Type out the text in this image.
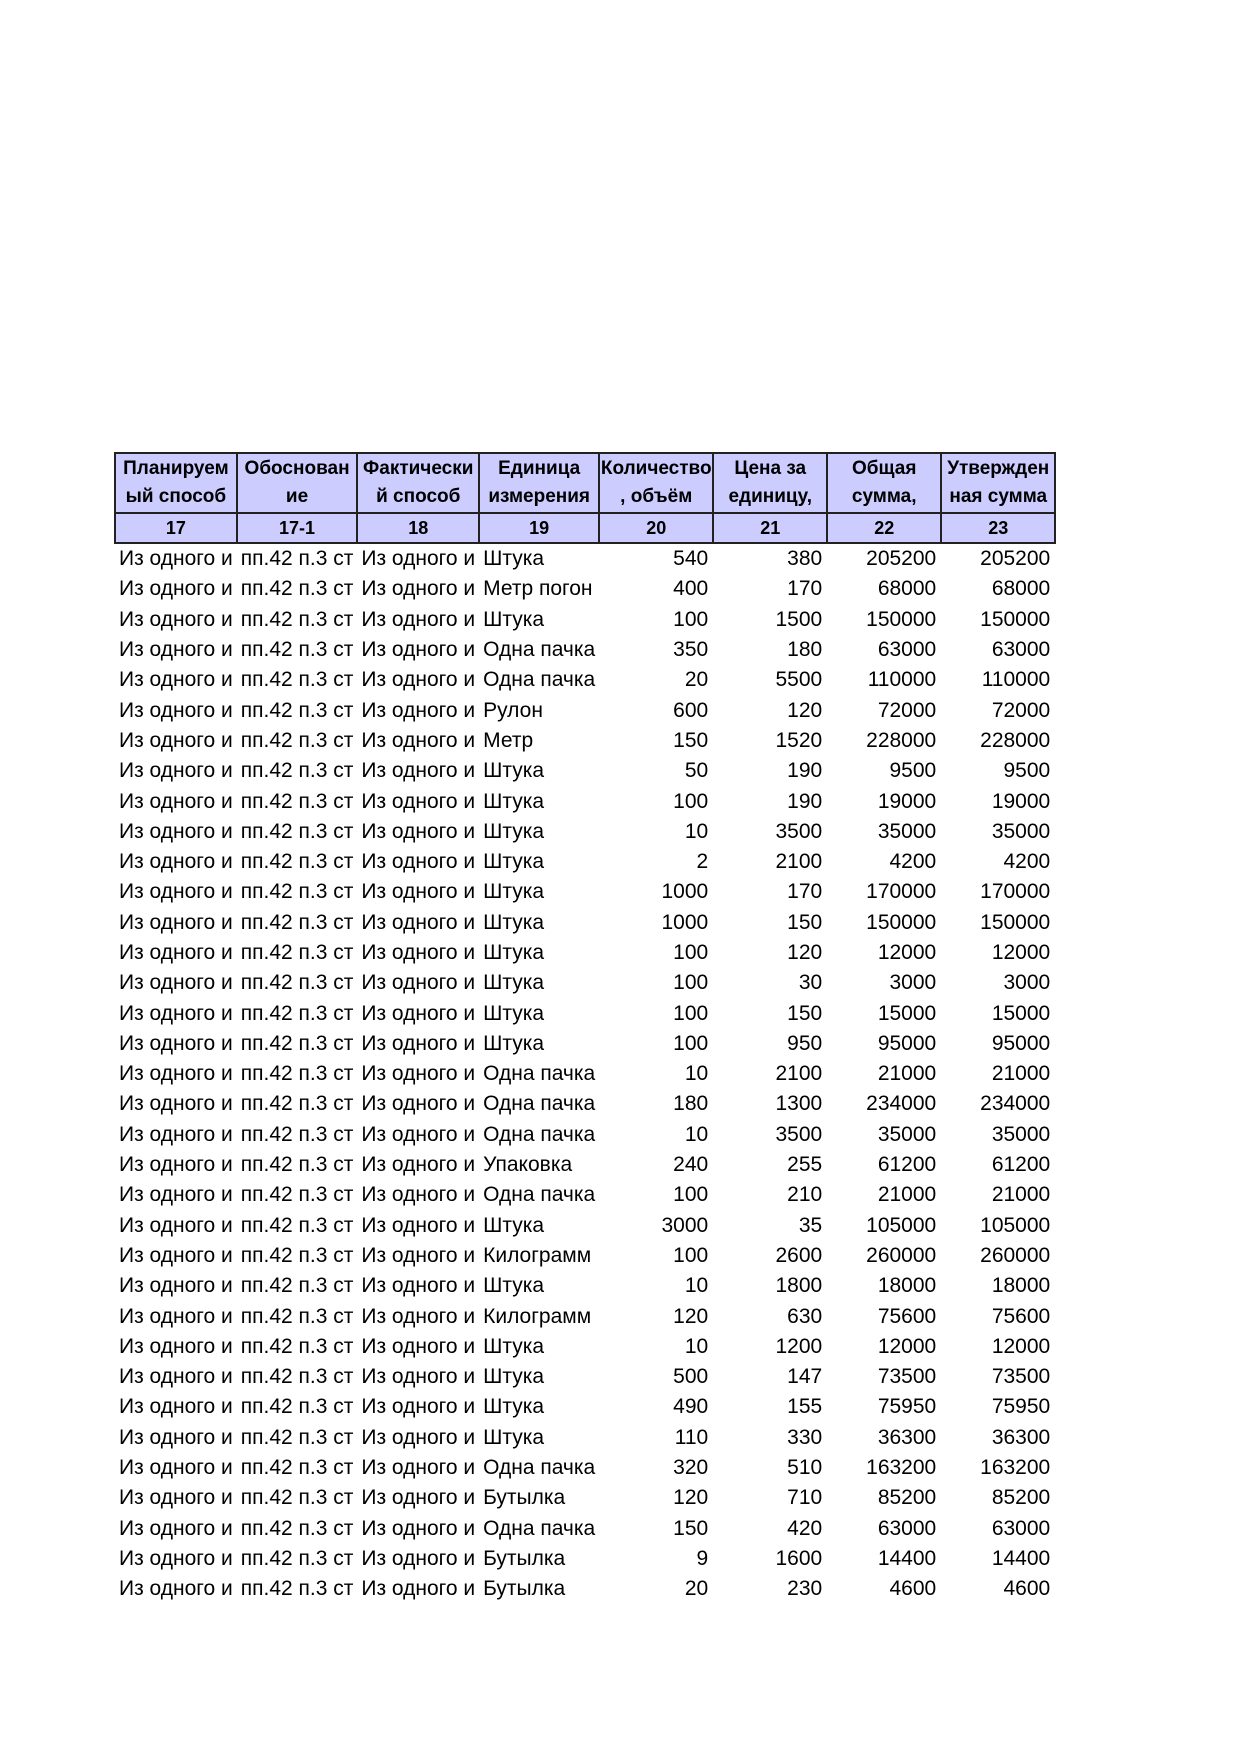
Планируем ый способ	Обоснован ие	Фактически й способ	Единица измерения	Количество , объём	Цена за единицу,	Общая сумма,	Утвержден ная сумма
17	17-1	18	19	20	21	22	23
Из одного и	пп.42 п.3 ст	Из одного и	Штука	540	380	205200	205200
Из одного и	пп.42 п.3 ст	Из одного и	Метр погон	400	170	68000	68000
Из одного и	пп.42 п.3 ст	Из одного и	Штука	100	1500	150000	150000
Из одного и	пп.42 п.3 ст	Из одного и	Одна пачка	350	180	63000	63000
Из одного и	пп.42 п.3 ст	Из одного и	Одна пачка	20	5500	110000	110000
Из одного и	пп.42 п.3 ст	Из одного и	Рулон	600	120	72000	72000
Из одного и	пп.42 п.3 ст	Из одного и	Метр	150	1520	228000	228000
Из одного и	пп.42 п.3 ст	Из одного и	Штука	50	190	9500	9500
Из одного и	пп.42 п.3 ст	Из одного и	Штука	100	190	19000	19000
Из одного и	пп.42 п.3 ст	Из одного и	Штука	10	3500	35000	35000
Из одного и	пп.42 п.3 ст	Из одного и	Штука	2	2100	4200	4200
Из одного и	пп.42 п.3 ст	Из одного и	Штука	1000	170	170000	170000
Из одного и	пп.42 п.3 ст	Из одного и	Штука	1000	150	150000	150000
Из одного и	пп.42 п.3 ст	Из одного и	Штука	100	120	12000	12000
Из одного и	пп.42 п.3 ст	Из одного и	Штука	100	30	3000	3000
Из одного и	пп.42 п.3 ст	Из одного и	Штука	100	150	15000	15000
Из одного и	пп.42 п.3 ст	Из одного и	Штука	100	950	95000	95000
Из одного и	пп.42 п.3 ст	Из одного и	Одна пачка	10	2100	21000	21000
Из одного и	пп.42 п.3 ст	Из одного и	Одна пачка	180	1300	234000	234000
Из одного и	пп.42 п.3 ст	Из одного и	Одна пачка	10	3500	35000	35000
Из одного и	пп.42 п.3 ст	Из одного и	Упаковка	240	255	61200	61200
Из одного и	пп.42 п.3 ст	Из одного и	Одна пачка	100	210	21000	21000
Из одного и	пп.42 п.3 ст	Из одного и	Штука	3000	35	105000	105000
Из одного и	пп.42 п.3 ст	Из одного и	Килограмм	100	2600	260000	260000
Из одного и	пп.42 п.3 ст	Из одного и	Штука	10	1800	18000	18000
Из одного и	пп.42 п.3 ст	Из одного и	Килограмм	120	630	75600	75600
Из одного и	пп.42 п.3 ст	Из одного и	Штука	10	1200	12000	12000
Из одного и	пп.42 п.3 ст	Из одного и	Штука	500	147	73500	73500
Из одного и	пп.42 п.3 ст	Из одного и	Штука	490	155	75950	75950
Из одного и	пп.42 п.3 ст	Из одного и	Штука	110	330	36300	36300
Из одного и	пп.42 п.3 ст	Из одного и	Одна пачка	320	510	163200	163200
Из одного и	пп.42 п.3 ст	Из одного и	Бутылка	120	710	85200	85200
Из одного и	пп.42 п.3 ст	Из одного и	Одна пачка	150	420	63000	63000
Из одного и	пп.42 п.3 ст	Из одного и	Бутылка	9	1600	14400	14400
Из одного и	пп.42 п.3 ст	Из одного и	Бутылка	20	230	4600	4600
